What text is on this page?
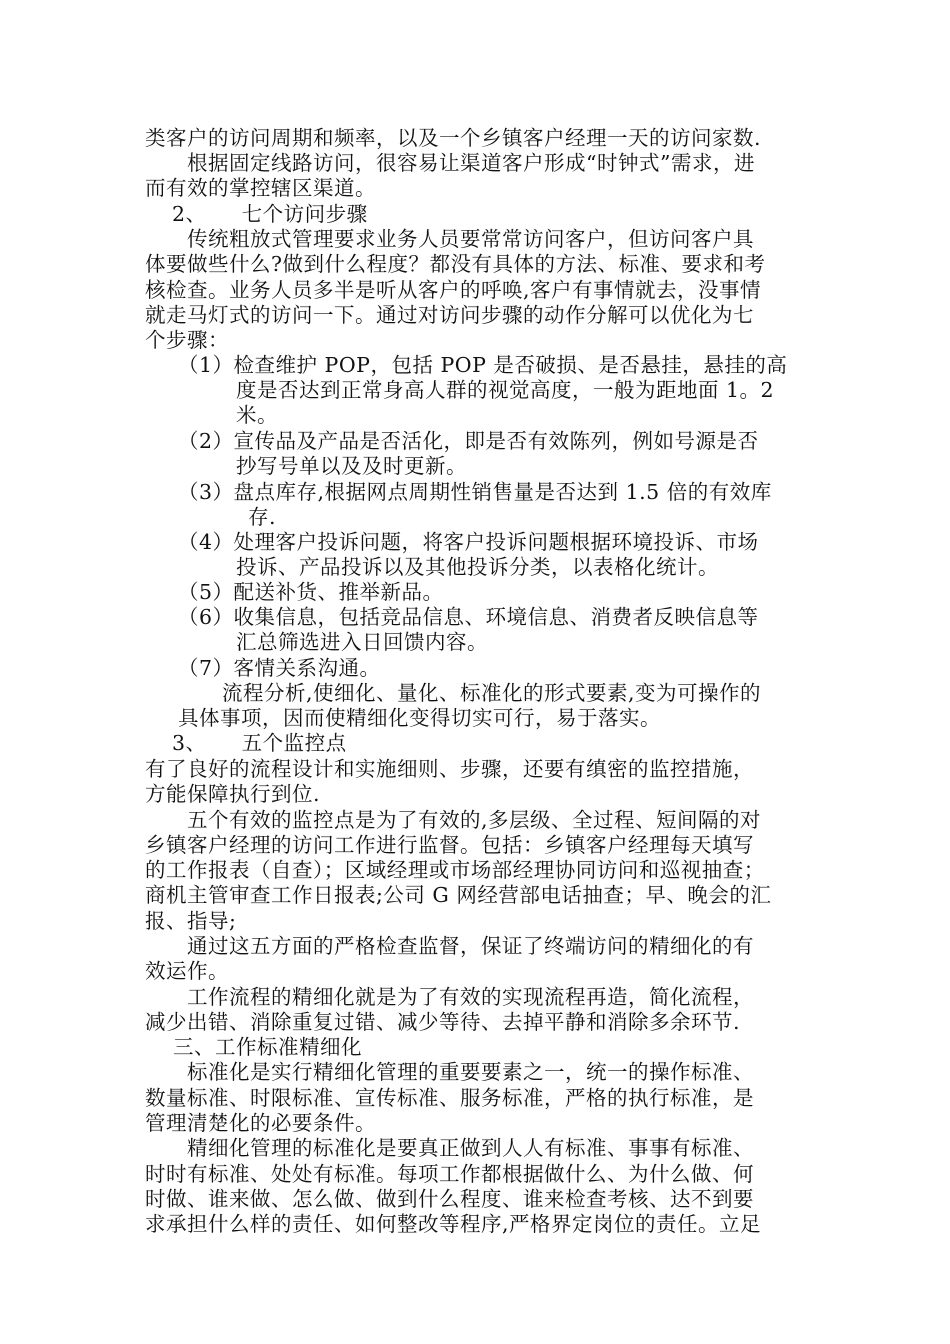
类客户的访问周期和频率，以及一个乡镇客户经理一天的访问家数.
根据固定线路访问，很容易让渠道客户形成“时钟式”需求，进
而有效的掌控辖区渠道。
2、     七个访问步骤
传统粗放式管理要求业务人员要常常访问客户，但访问客户具
体要做些什么?做到什么程度？都没有具体的方法、标准、要求和考
核检查。业务人员多半是听从客户的呼唤,客户有事情就去，没事情
就走马灯式的访问一下。通过对访问步骤的动作分解可以优化为七
个步骤：
（1）检查维护 POP，包括 POP 是否破损、是否悬挂，悬挂的高
度是否达到正常身高人群的视觉高度，一般为距地面 1。2
米。
（2）宣传品及产品是否活化，即是否有效陈列，例如号源是否
抄写号单以及及时更新。
（3）盘点库存,根据网点周期性销售量是否达到 1.5 倍的有效库
存.
（4）处理客户投诉问题，将客户投诉问题根据环境投诉、市场
投诉、产品投诉以及其他投诉分类，以表格化统计。
（5）配送补货、推举新品。
（6）收集信息，包括竞品信息、环境信息、消费者反映信息等
汇总筛选进入日回馈内容。
（7）客情关系沟通。
流程分析,使细化、量化、标准化的形式要素,变为可操作的
具体事项，因而使精细化变得切实可行，易于落实。
3、     五个监控点
有了良好的流程设计和实施细则、步骤，还要有缜密的监控措施，
方能保障执行到位.
五个有效的监控点是为了有效的,多层级、全过程、短间隔的对
乡镇客户经理的访问工作进行监督。包括：乡镇客户经理每天填写
的工作报表（自查）；区域经理或市场部经理协同访问和巡视抽查；
商机主管审查工作日报表;公司 G 网经营部电话抽查；早、晚会的汇
报、指导;
通过这五方面的严格检查监督，保证了终端访问的精细化的有
效运作。
工作流程的精细化就是为了有效的实现流程再造，简化流程，
减少出错、消除重复过错、减少等待、去掉平静和消除多余环节.
三、工作标准精细化
标准化是实行精细化管理的重要要素之一，统一的操作标准、
数量标准、时限标准、宣传标准、服务标准，严格的执行标准，是
管理清楚化的必要条件。
精细化管理的标准化是要真正做到人人有标准、事事有标准、
时时有标准、处处有标准。每项工作都根据做什么、为什么做、何
时做、谁来做、怎么做、做到什么程度、谁来检查考核、达不到要
求承担什么样的责任、如何整改等程序,严格界定岗位的责任。立足
